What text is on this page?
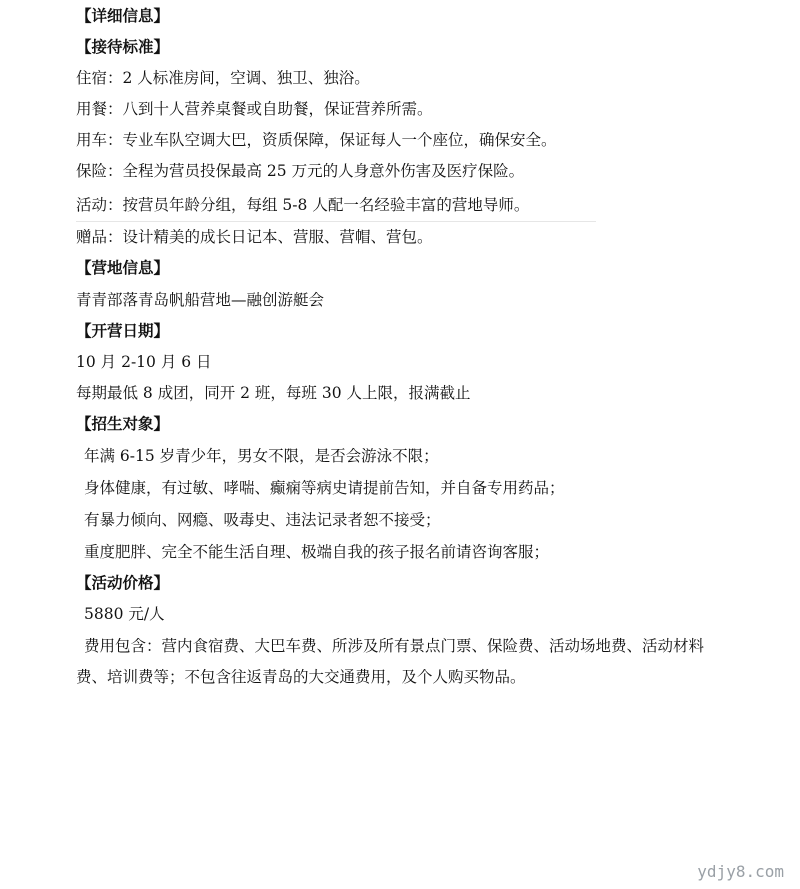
【详细信息】
【接待标准】
住宿：2 人标准房间，空调、独卫、独浴。
用餐：八到十人营养桌餐或自助餐，保证营养所需。
用车：专业车队空调大巴，资质保障，保证每人一个座位，确保安全。
保险：全程为营员投保最高 25 万元的人身意外伤害及医疗保险。
活动：按营员年龄分组，每组 5-8 人配一名经验丰富的营地导师。
赠品：设计精美的成长日记本、营服、营帽、营包。
【营地信息】
青青部落青岛帆船营地—融创游艇会
【开营日期】
10 月 2-10 月 6 日
每期最低 8 成团，同开 2 班，每班 30 人上限，报满截止
【招生对象】
年满 6-15 岁青少年，男女不限，是否会游泳不限；
身体健康，有过敏、哮喘、癫痫等病史请提前告知，并自备专用药品；
有暴力倾向、网瘾、吸毒史、违法记录者恕不接受；
重度肥胖、完全不能生活自理、极端自我的孩子报名前请咨询客服；
【活动价格】
5880 元/人
费用包含：营内食宿费、大巴车费、所涉及所有景点门票、保险费、活动场地费、活动材料
费、培训费等；不包含往返青岛的大交通费用，及个人购买物品。
ydjy8.com
